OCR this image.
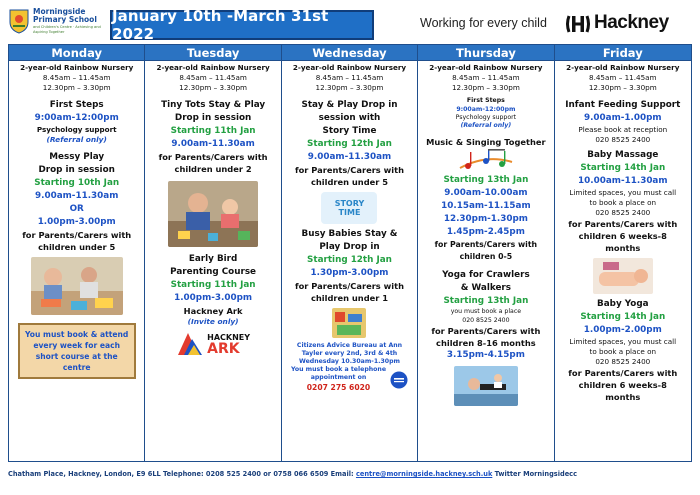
Morningside
Primary School
and Children's Centre · Achieving and Aspiring Together
January 10th -March 31st 2022
Working for every child Hackney
Monday
2-year-old Rainbow Nursery
8.45am – 11.45am
12.30pm – 3.30pm
First Steps
9:00am-12:00pm
Psychology support
(Referral only)
Messy Play
Drop in session
Starting 10th Jan
9.00am-11.30am
OR
1.00pm-3.00pm
for Parents/Carers with
children under 5
You must book & attend every week for each short course at the centre
Tuesday
2-year-old Rainbow Nursery
8.45am – 11.45am
12.30pm – 3.30pm
Tiny Tots Stay & Play
Drop in session
Starting 11th Jan
9.00am-11.30am
for Parents/Carers with
children under 2
Early Bird
Parenting Course
Starting 11th Jan
1.00pm-3.00pm
Hackney Ark
(Invite only)
HACKNEY
ARK
Wednesday
2-year-old Rainbow Nursery
8.45am – 11.45am
12.30pm – 3.30pm
Stay & Play Drop in
session with
Story Time
Starting 12th Jan
9.00am-11.30am
for Parents/Carers with
children under 5
STORY TIME
Busy Babies Stay &
Play Drop in
Starting 12th Jan
1.30pm-3.00pm
for Parents/Carers with
children under 1
Citizens Advice Bureau at Ann
Tayler every 2nd, 3rd & 4th
Wednesday 10.30am-1.30pm
You must book a telephone
appointment on
0207 275 6020
Thursday
2-year-old Rainbow Nursery
8.45am – 11.45am
12.30pm – 3.30pm
First Steps
9:00am-12:00pm
Psychology support
(Referral only)
Music & Singing Together
Starting 13th Jan
9.00am-10.00am
10.15am-11.15am
12.30pm-1.30pm
1.45pm-2.45pm
for Parents/Carers with children 0-5
Yoga for Crawlers
& Walkers
Starting 13th Jan
you must book a place
020 8525 2400
for Parents/Carers with
children 8-16 months
3.15pm-4.15pm
Friday
2-year-old Rainbow Nursery
8.45am – 11.45am
12.30pm – 3.30pm
Infant Feeding Support
9.00am-1.00pm
Please book at reception
020 8525 2400
Baby Massage
Starting 14th Jan
10.00am-11.30am
Limited spaces, you must call
to book a place on
020 8525 2400
for Parents/Carers with
children 6 weeks-8
months
Baby Yoga
Starting 14th Jan
1.00pm-2.00pm
Limited spaces, you must call
to book a place on
020 8525 2400
for Parents/Carers with
children 6 weeks-8
months
Chatham Place, Hackney, London, E9 6LL Telephone: 0208 525 2400 or 0758 066 6509 Email: centre@morningside.hackney.sch.uk Twitter Morningsidecc
